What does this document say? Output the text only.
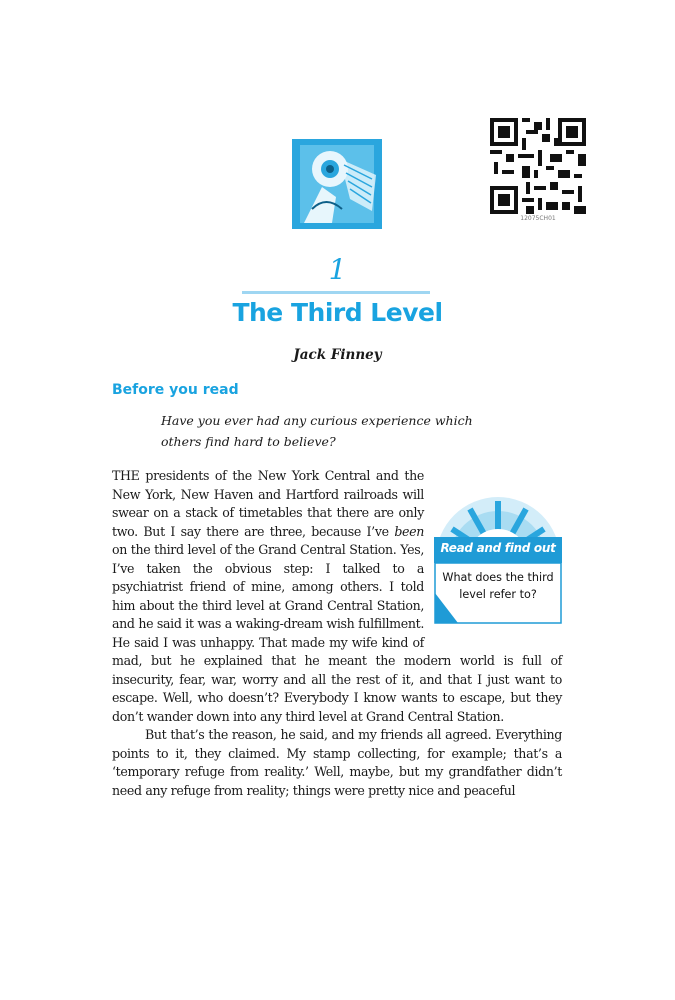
12075CH01
1
The Third Level
Jack Finney
Before you read

Have you ever had any curious experience which others find hard to believe?

Read and find out
What does the third level refer to?

THE presidents of the New York Central and the New York, New Haven and Hartford railroads will swear on a stack of timetables that there are only two. But I say there are three, because I’ve been on the third level of the Grand Central Station. Yes, I’ve taken the obvious step: I talked to a psychiatrist friend of mine, among others. I told him about the third level at Grand Central Station, and he said it was a waking-dream wish fulfillment. He said I was unhappy. That made my wife kind of mad, but he explained that he meant the modern world is full of insecurity, fear, war, worry and all the rest of it, and that I just want to escape. Well, who doesn’t? Everybody I know wants to escape, but they don’t wander down into any third level at Grand Central Station.

But that’s the reason, he said, and my friends all agreed. Everything points to it, they claimed. My stamp collecting, for example; that’s a ‘temporary refuge from reality.’ Well, maybe, but my grandfather didn’t need any refuge from reality; things were pretty nice and peaceful
